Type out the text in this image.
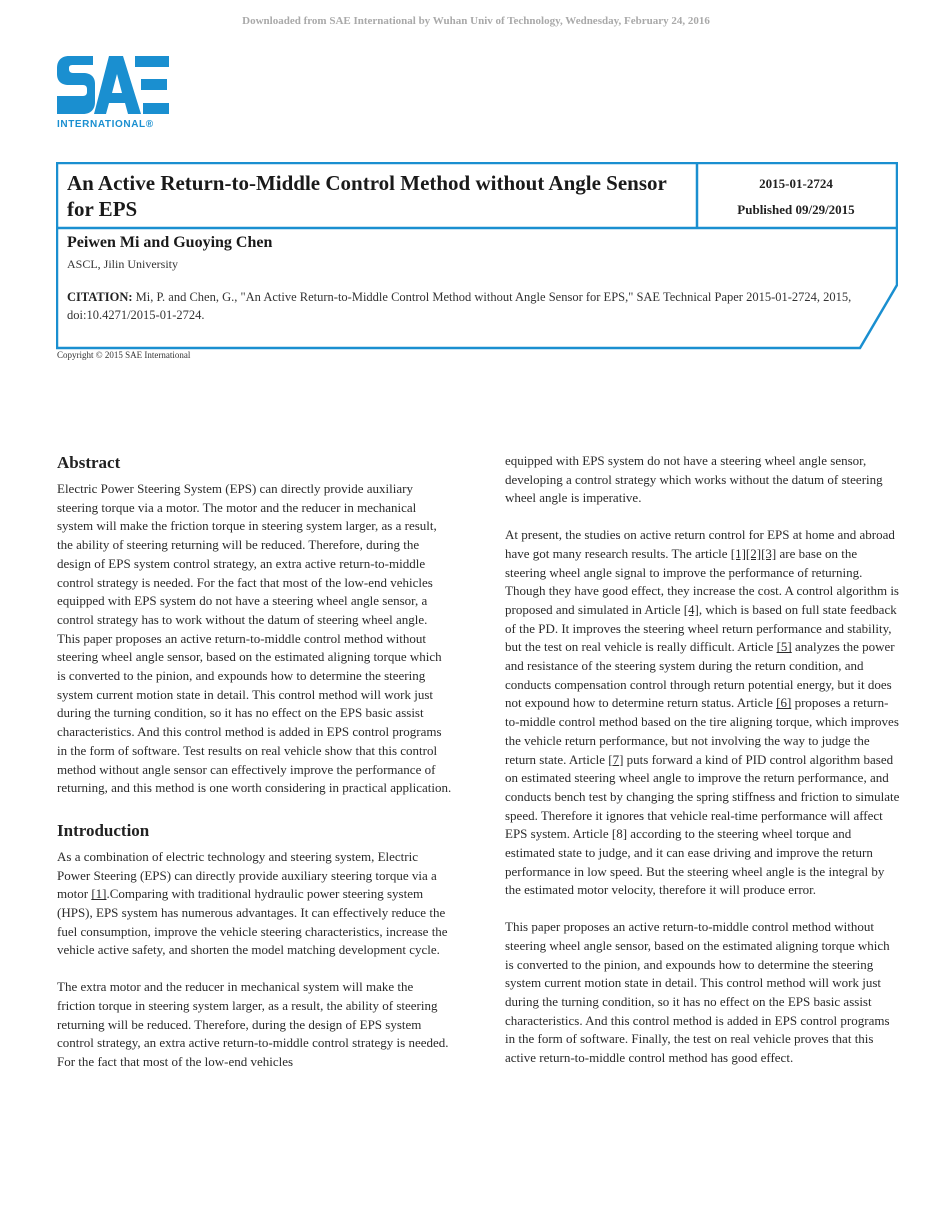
Downloaded from SAE International by Wuhan Univ of Technology, Wednesday, February 24, 2016
INTERNATIONAL®
An Active Return-to-Middle Control Method without Angle Sensor for EPS
2015-01-2724
Published 09/29/2015
Peiwen Mi and Guoying Chen
ASCL, Jilin University
CITATION: Mi, P. and Chen, G., "An Active Return-to-Middle Control Method without Angle Sensor for EPS," SAE Technical Paper 2015-01-2724, 2015, doi:10.4271/2015-01-2724.
Copyright © 2015 SAE International
Abstract

Electric Power Steering System (EPS) can directly provide auxiliary steering torque via a motor. The motor and the reducer in mechanical system will make the friction torque in steering system larger, as a result, the ability of steering returning will be reduced. Therefore, during the design of EPS system control strategy, an extra active return-to-middle control strategy is needed. For the fact that most of the low-end vehicles equipped with EPS system do not have a steering wheel angle sensor, a control strategy has to work without the datum of steering wheel angle. This paper proposes an active return-to-middle control method without steering wheel angle sensor, based on the estimated aligning torque which is converted to the pinion, and expounds how to determine the steering system current motion state in detail. This control method will work just during the turning condition, so it has no effect on the EPS basic assist characteristics. And this control method is added in EPS control programs in the form of software. Test results on real vehicle show that this control method without angle sensor can effectively improve the performance of returning, and this method is one worth considering in practical application.

Introduction

As a combination of electric technology and steering system, Electric Power Steering (EPS) can directly provide auxiliary steering torque via a motor [1].Comparing with traditional hydraulic power steering system (HPS), EPS system has numerous advantages. It can effectively reduce the fuel consumption, improve the vehicle steering characteristics, increase the vehicle active safety, and shorten the model matching development cycle.

The extra motor and the reducer in mechanical system will make the friction torque in steering system larger, as a result, the ability of steering returning will be reduced. Therefore, during the design of EPS system control strategy, an extra active return-to-middle control strategy is needed. For the fact that most of the low-end vehicles

equipped with EPS system do not have a steering wheel angle sensor, developing a control strategy which works without the datum of steering wheel angle is imperative.

At present, the studies on active return control for EPS at home and abroad have got many research results. The article [1][2][3] are base on the steering wheel angle signal to improve the performance of returning. Though they have good effect, they increase the cost. A control algorithm is proposed and simulated in Article [4], which is based on full state feedback of the PD. It improves the steering wheel return performance and stability, but the test on real vehicle is really difficult. Article [5] analyzes the power and resistance of the steering system during the return condition, and conducts compensation control through return potential energy, but it does not expound how to determine return status. Article [6] proposes a return-to-middle control method based on the tire aligning torque, which improves the vehicle return performance, but not involving the way to judge the return state. Article [7] puts forward a kind of PID control algorithm based on estimated steering wheel angle to improve the return performance, and conducts bench test by changing the spring stiffness and friction to simulate speed. Therefore it ignores that vehicle real-time performance will affect EPS system. Article [8] according to the steering wheel torque and estimated state to judge, and it can ease driving and improve the return performance in low speed. But the steering wheel angle is the integral by the estimated motor velocity, therefore it will produce error.

This paper proposes an active return-to-middle control method without steering wheel angle sensor, based on the estimated aligning torque which is converted to the pinion, and expounds how to determine the steering system current motion state in detail. This control method will work just during the turning condition, so it has no effect on the EPS basic assist characteristics. And this control method is added in EPS control programs in the form of software. Finally, the test on real vehicle proves that this active return-to-middle control method has good effect.
